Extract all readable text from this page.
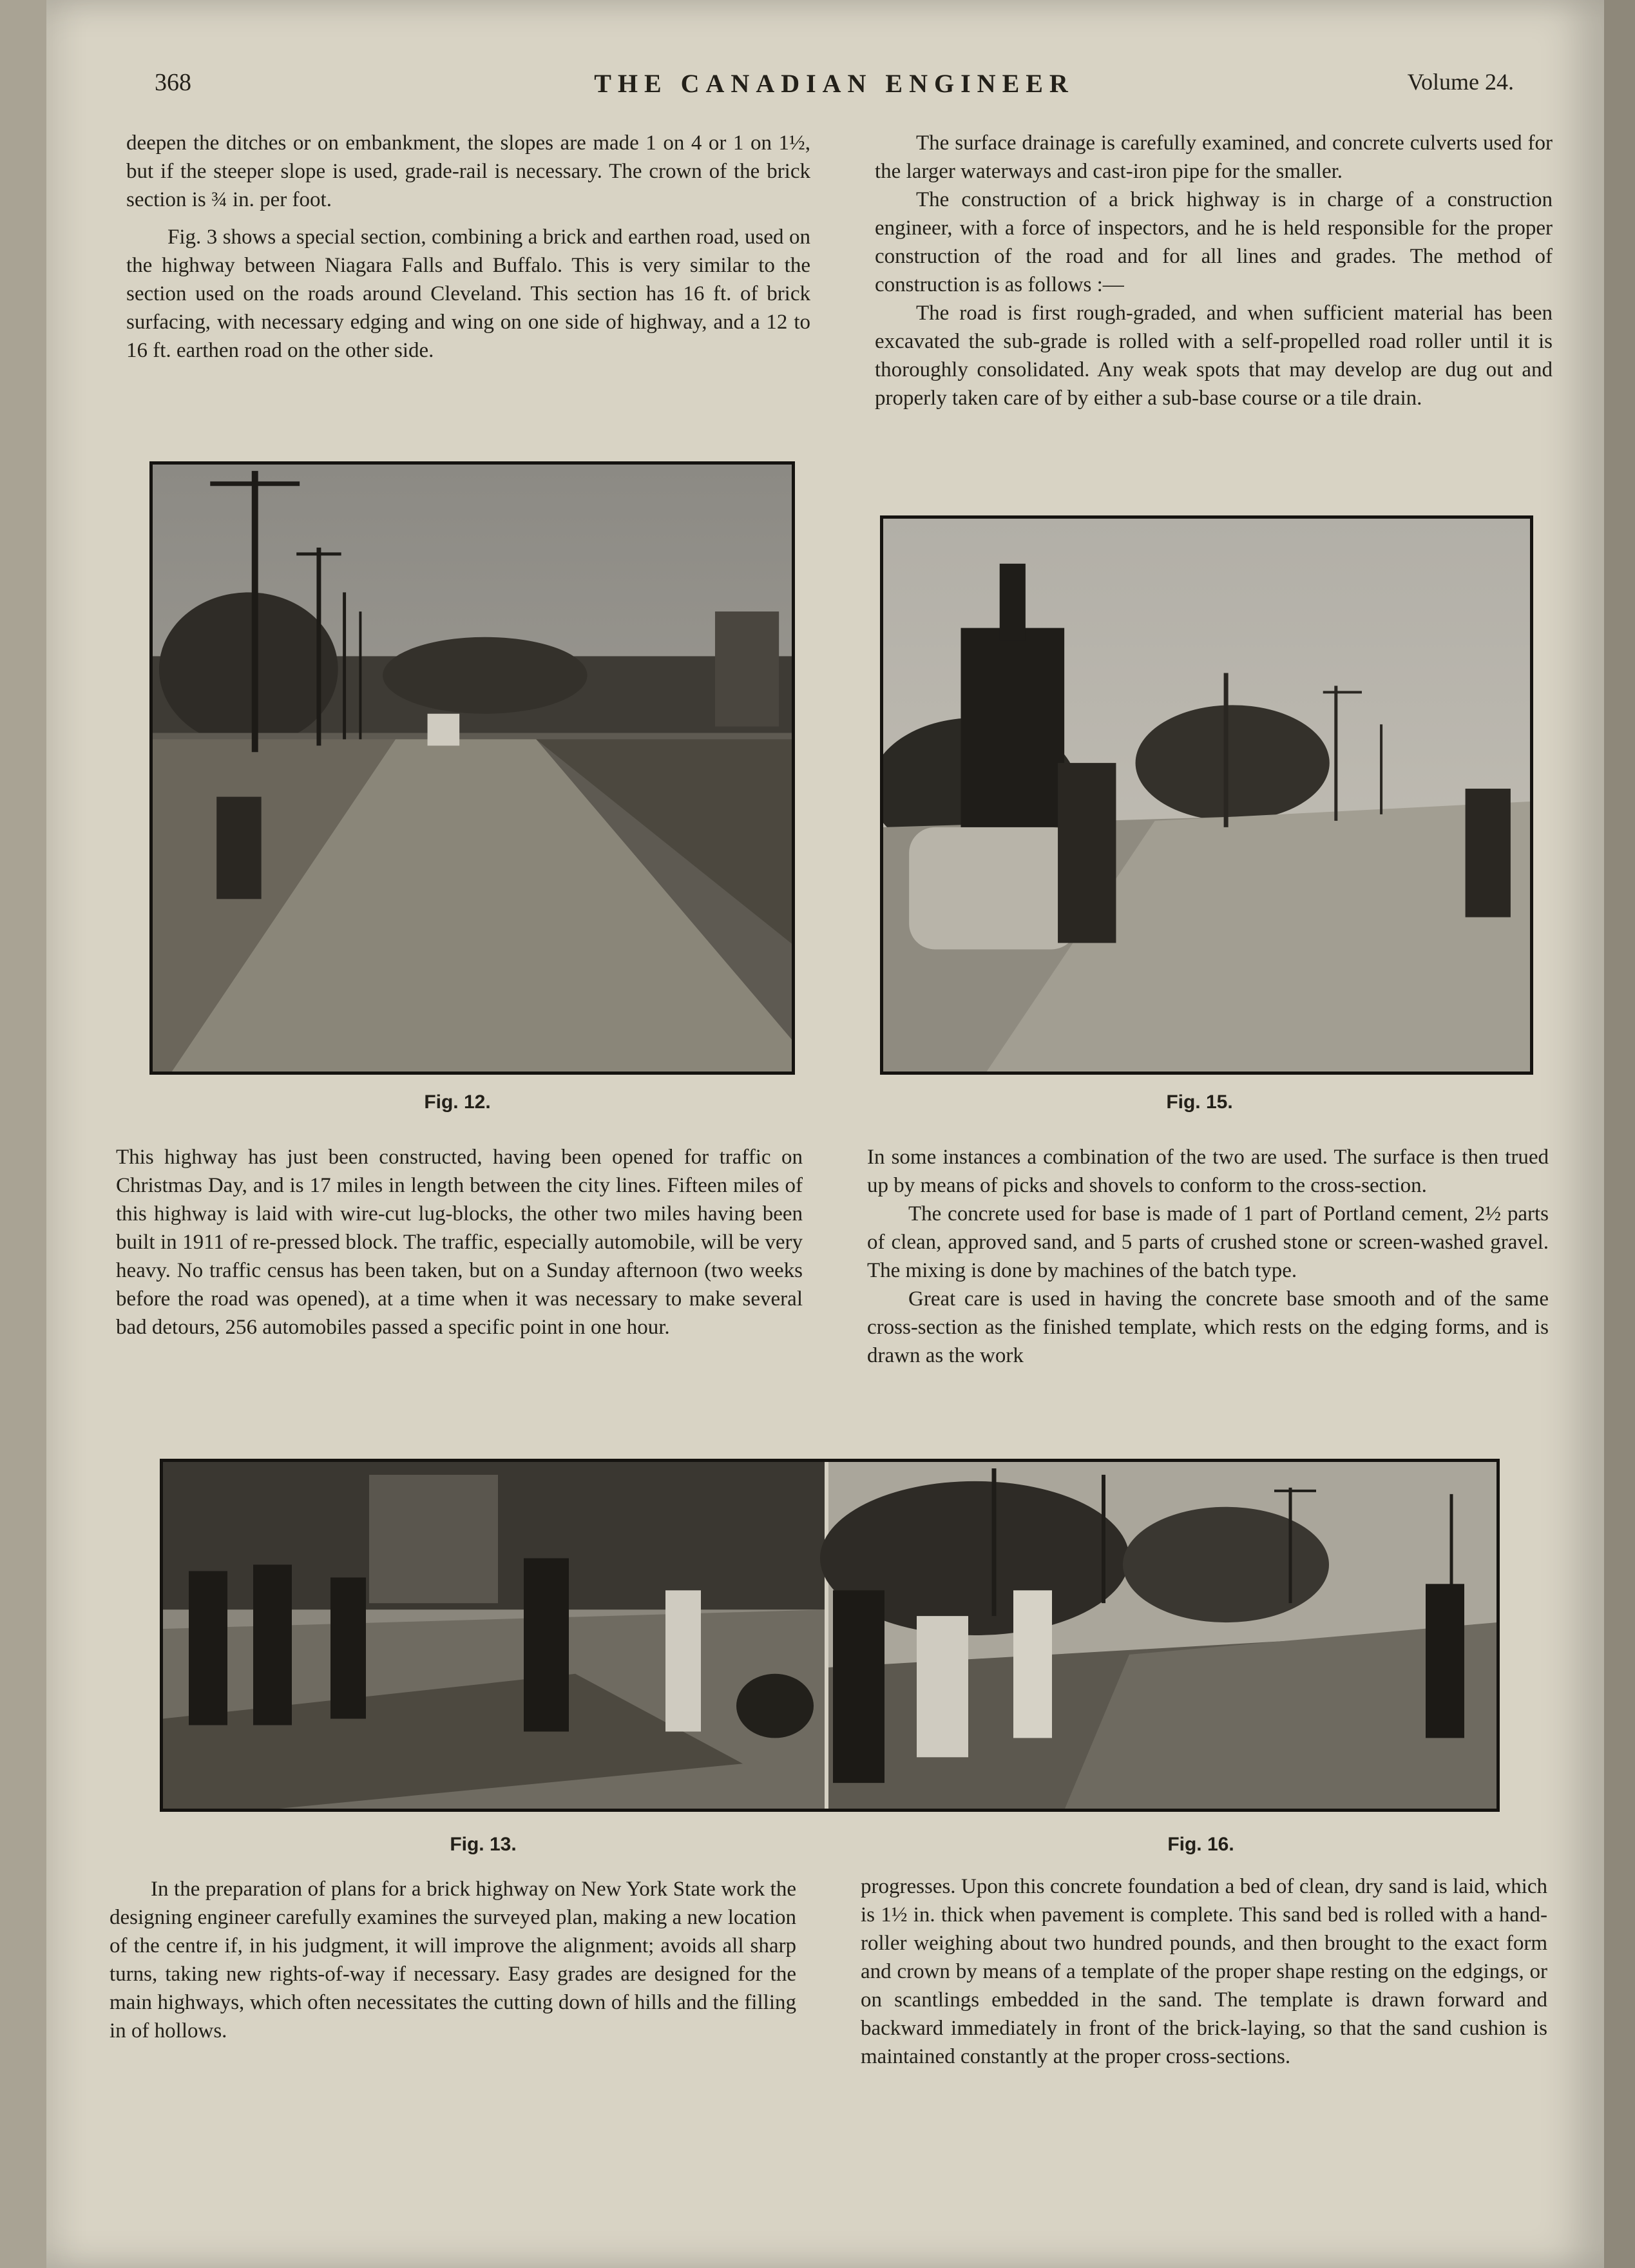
368	THE CANADIAN ENGINEER	Volume 24.

deepen the ditches or on embankment, the slopes are made 1 on 4 or 1 on 1½, but if the steeper slope is used, grade-rail is necessary. The crown of the brick section is ¾ in. per foot.

Fig. 3 shows a special section, combining a brick and earthen road, used on the highway between Niagara Falls and Buffalo. This is very similar to the section used on the roads around Cleveland. This section has 16 ft. of brick surfacing, with necessary edging and wing on one side of highway, and a 12 to 16 ft. earthen road on the other side.

The surface drainage is carefully examined, and concrete culverts used for the larger waterways and cast-iron pipe for the smaller.

The construction of a brick highway is in charge of a construction engineer, with a force of inspectors, and he is held responsible for the proper construction of the road and for all lines and grades. The method of construction is as follows :—

The road is first rough-graded, and when sufficient material has been excavated the sub-grade is rolled with a self-propelled road roller until it is thoroughly consolidated. Any weak spots that may develop are dug out and properly taken care of by either a sub-base course or a tile drain.

Fig. 12.	Fig. 15.

This highway has just been constructed, having been opened for traffic on Christmas Day, and is 17 miles in length between the city lines. Fifteen miles of this highway is laid with wire-cut lug-blocks, the other two miles having been built in 1911 of re-pressed block. The traffic, especially automobile, will be very heavy. No traffic census has been taken, but on a Sunday afternoon (two weeks before the road was opened), at a time when it was necessary to make several bad detours, 256 automobiles passed a specific point in one hour.

In some instances a combination of the two are used. The surface is then trued up by means of picks and shovels to conform to the cross-section.

The concrete used for base is made of 1 part of Portland cement, 2½ parts of clean, approved sand, and 5 parts of crushed stone or screen-washed gravel. The mixing is done by machines of the batch type.

Great care is used in having the concrete base smooth and of the same cross-section as the finished template, which rests on the edging forms, and is drawn as the work

Fig. 13.	Fig. 16.

In the preparation of plans for a brick highway on New York State work the designing engineer carefully examines the surveyed plan, making a new location of the centre if, in his judgment, it will improve the alignment; avoids all sharp turns, taking new rights-of-way if necessary. Easy grades are designed for the main highways, which often necessitates the cutting down of hills and the filling in of hollows.

progresses. Upon this concrete foundation a bed of clean, dry sand is laid, which is 1½ in. thick when pavement is complete. This sand bed is rolled with a hand-roller weighing about two hundred pounds, and then brought to the exact form and crown by means of a template of the proper shape resting on the edgings, or on scantlings embedded in the sand. The template is drawn forward and backward immediately in front of the brick-laying, so that the sand cushion is maintained constantly at the proper cross-sections.
